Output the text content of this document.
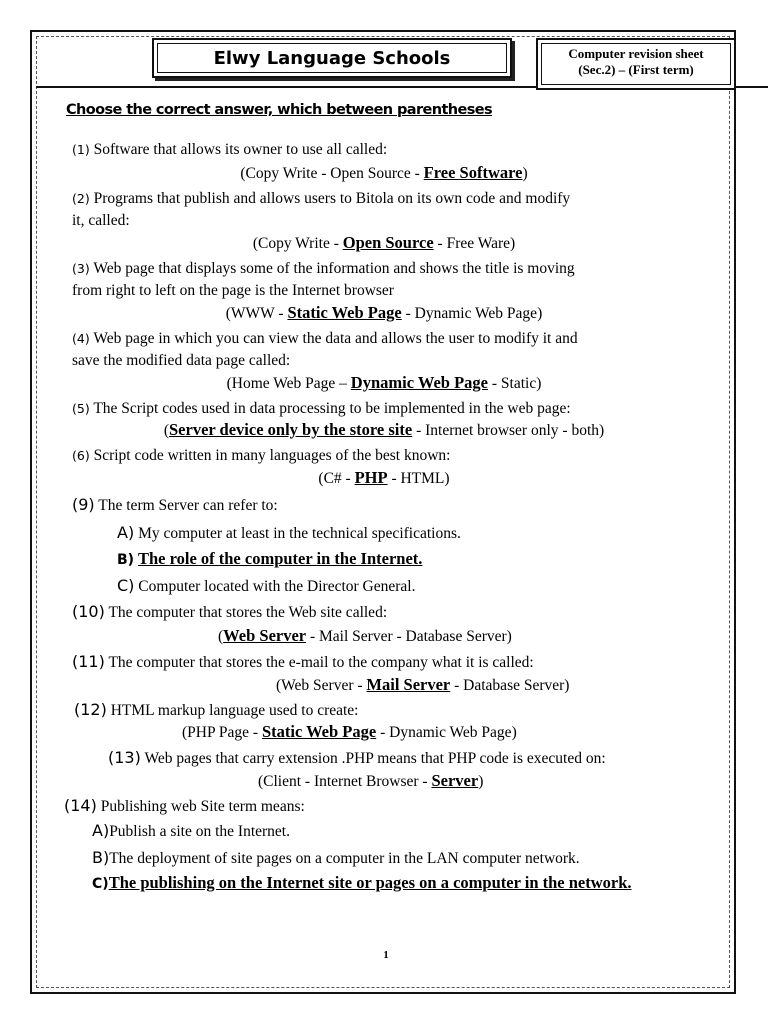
Elwy Language Schools	Computer revision sheet
(Sec.2) – (First term)
Choose the correct answer, which between parentheses
(1) Software that allows its owner to use all called:
(Copy Write - Open Source - Free Software)
(2) Programs that publish and allows users to Bitola on its own code and modify
it, called:
(Copy Write - Open Source - Free Ware)
(3) Web page that displays some of the information and shows the title is moving
from right to left on the page is the Internet browser
(WWW - Static Web Page - Dynamic Web Page)
(4) Web page in which you can view the data and allows the user to modify it and
save the modified data page called:
(Home Web Page – Dynamic Web Page - Static)
(5) The Script codes used in data processing to be implemented in the web page:
(Server device only by the store site - Internet browser only - both)
(6) Script code written in many languages of the best known:
(C# - PHP - HTML)
(9) The term Server can refer to:
A) My computer at least in the technical specifications.
B) The role of the computer in the Internet.
C) Computer located with the Director General.
(10) The computer that stores the Web site called:
(Web Server - Mail Server - Database Server)
(11) The computer that stores the e-mail to the company what it is called:
(Web Server - Mail Server - Database Server)
(12) HTML markup language used to create:
(PHP Page - Static Web Page - Dynamic Web Page)
(13) Web pages that carry extension .PHP means that PHP code is executed on:
(Client - Internet Browser - Server)
(14) Publishing web Site term means:
A)Publish a site on the Internet.
B)The deployment of site pages on a computer in the LAN computer network.
C)The publishing on the Internet site or pages on a computer in the network.
1
